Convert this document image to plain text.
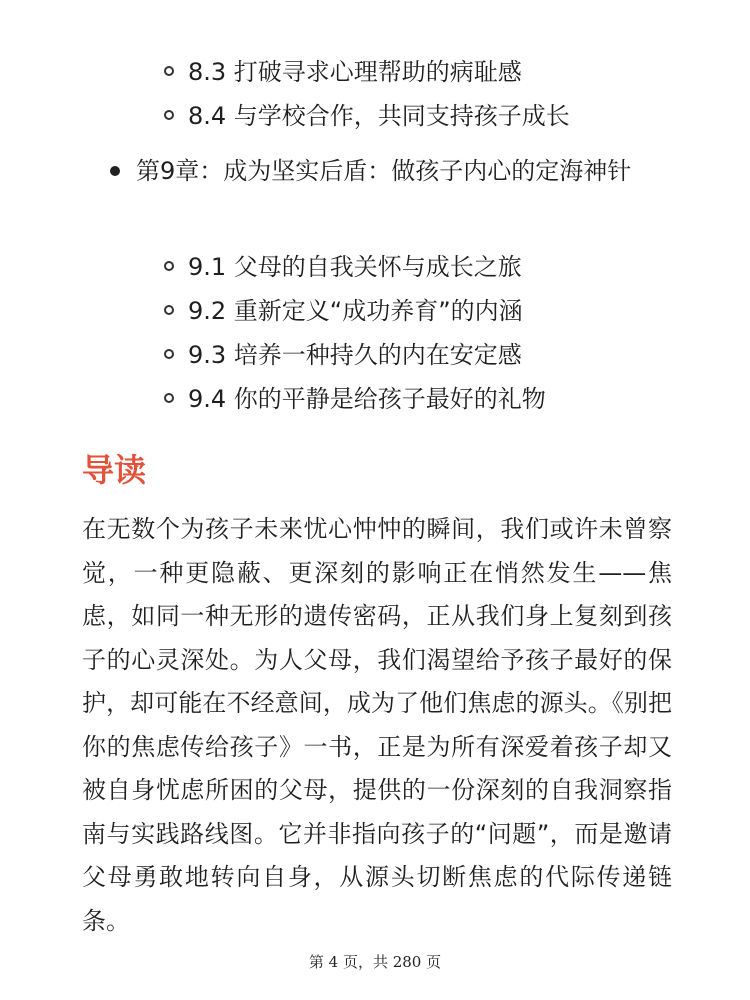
8.3 打破寻求心理帮助的病耻感
8.4 与学校合作，共同支持孩子成长
第9章：成为坚实后盾：做孩子内心的定海神针
9.1 父母的自我关怀与成长之旅
9.2 重新定义“成功养育”的内涵
9.3 培养一种持久的内在安定感
9.4 你的平静是给孩子最好的礼物
导读

在无数个为孩子未来忧心忡忡的瞬间，我们或许未曾察觉，一种更隐蔽、更深刻的影响正在悄然发生——焦虑，如同一种无形的遗传密码，正从我们身上复刻到孩子的心灵深处。为人父母，我们渴望给予孩子最好的保护，却可能在不经意间，成为了他们焦虑的源头。《别把你的焦虑传给孩子》一书，正是为所有深爱着孩子却又被自身忧虑所困的父母，提供的一份深刻的自我洞察指南与实践路线图。它并非指向孩子的“问题”，而是邀请父母勇敢地转向自身，从源头切断焦虑的代际传递链条。

第 4 页，共 280 页
